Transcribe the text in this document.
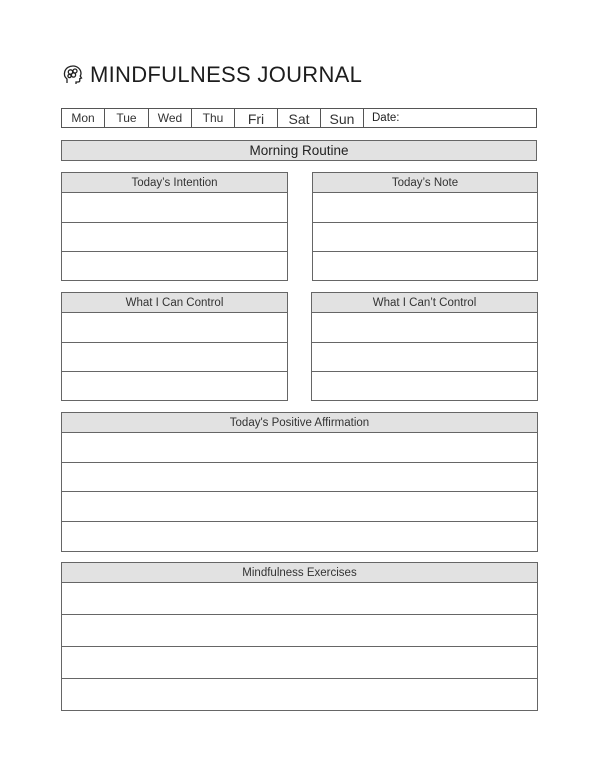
MINDFULNESS JOURNAL
Mon	Tue	Wed	Thu	Fri	Sat	Sun	Date:
Morning Routine
Today’s Intention	Today’s Note
What I Can Control	What I Can’t Control
Today's Positive Affirmation
Mindfulness Exercises
